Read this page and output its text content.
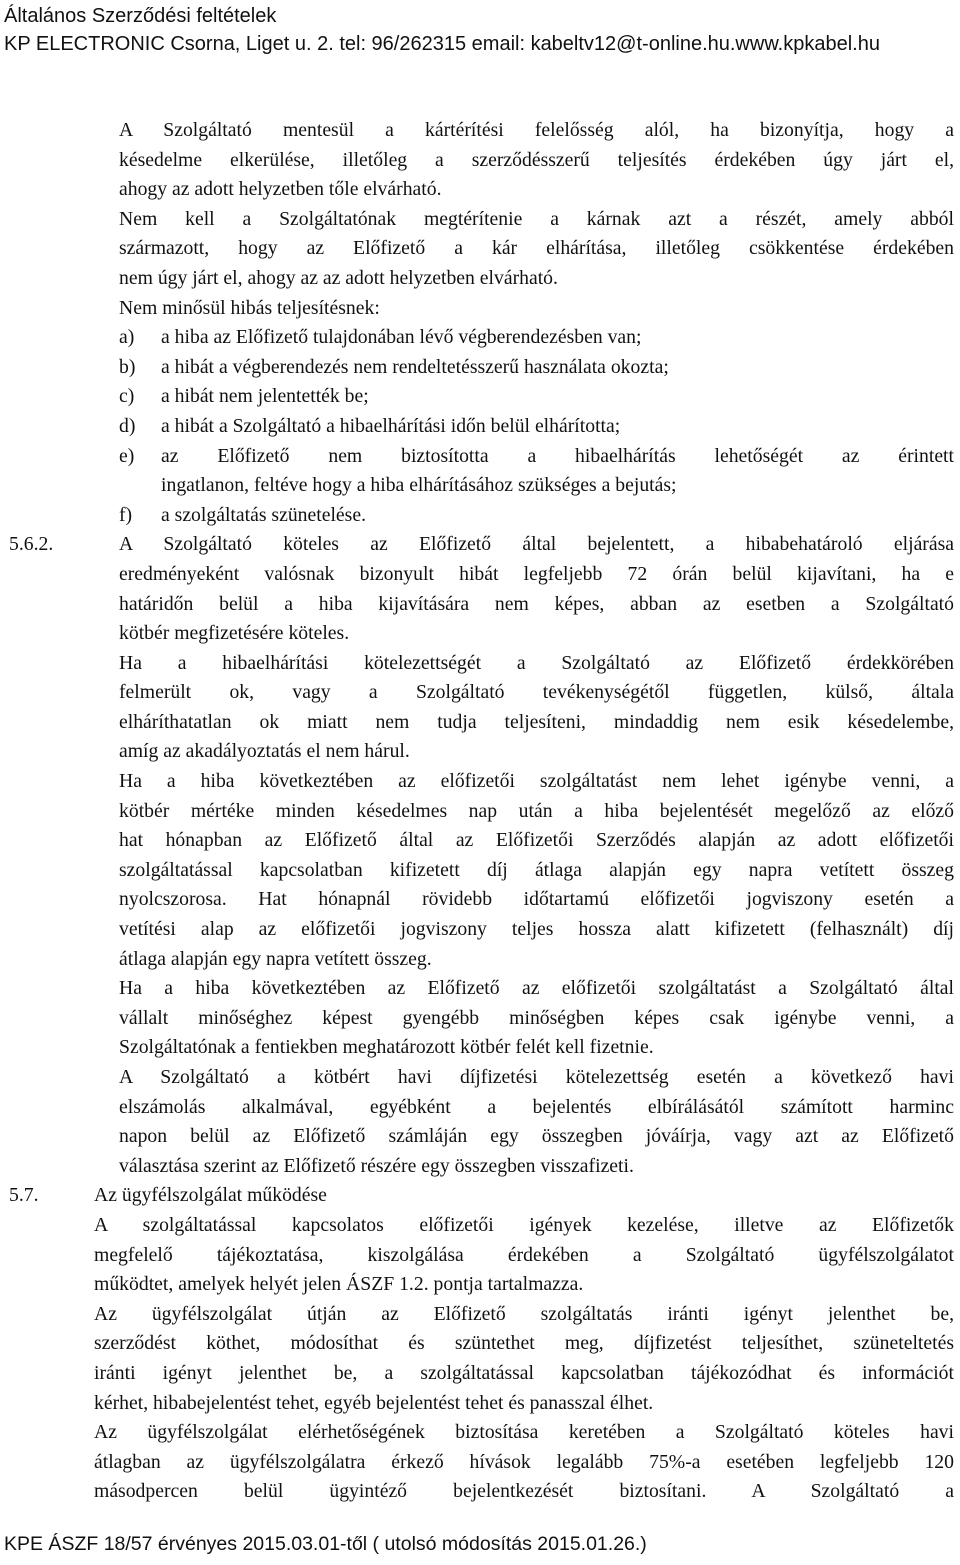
Általános Szerződési feltételek
KP ELECTRONIC Csorna, Liget u. 2. tel: 96/262315 email: kabeltv12@t-online.hu.www.kpkabel.hu
A Szolgáltató mentesül a kártérítési felelősség alól, ha bizonyítja, hogy a
késedelme elkerülése, illetőleg a szerződésszerű teljesítés érdekében úgy járt el,
ahogy az adott helyzetben tőle elvárható.
Nem kell a Szolgáltatónak megtérítenie a kárnak azt a részét, amely abból
származott, hogy az Előfizető a kár elhárítása, illetőleg csökkentése érdekében
nem úgy járt el, ahogy az az adott helyzetben elvárható.
Nem minősül hibás teljesítésnek:
a) a hiba az Előfizető tulajdonában lévő végberendezésben van;
b) a hibát a végberendezés nem rendeltetésszerű használata okozta;
c) a hibát nem jelentették be;
d) a hibát a Szolgáltató a hibaelhárítási időn belül elhárította;
e) az Előfizető nem biztosította a hibaelhárítás lehetőségét az érintett
ingatlanon, feltéve hogy a hiba elhárításához szükséges a bejutás;
f) a szolgáltatás szünetelése.
5.6.2.	A Szolgáltató köteles az Előfizető által bejelentett, a hibabehatároló eljárása
eredményeként valósnak bizonyult hibát legfeljebb 72 órán belül kijavítani, ha e
határidőn belül a hiba kijavítására nem képes, abban az esetben a Szolgáltató
kötbér megfizetésére köteles.
Ha a hibaelhárítási kötelezettségét a Szolgáltató az Előfizető érdekkörében
felmerült ok, vagy a Szolgáltató tevékenységétől független, külső, általa
elháríthatatlan ok miatt nem tudja teljesíteni, mindaddig nem esik késedelembe,
amíg az akadályoztatás el nem hárul.
Ha a hiba következtében az előfizetői szolgáltatást nem lehet igénybe venni, a
kötbér mértéke minden késedelmes nap után a hiba bejelentését megelőző az előző
hat hónapban az Előfizető által az Előfizetői Szerződés alapján az adott előfizetői
szolgáltatással kapcsolatban kifizetett díj átlaga alapján egy napra vetített összeg
nyolcszorosa. Hat hónapnál rövidebb időtartamú előfizetői jogviszony esetén a
vetítési alap az előfizetői jogviszony teljes hossza alatt kifizetett (felhasznált) díj
átlaga alapján egy napra vetített összeg.
Ha a hiba következtében az Előfizető az előfizetői szolgáltatást a Szolgáltató által
vállalt minőséghez képest gyengébb minőségben képes csak igénybe venni, a
Szolgáltatónak a fentiekben meghatározott kötbér felét kell fizetnie.
A Szolgáltató a kötbért havi díjfizetési kötelezettség esetén a következő havi
elszámolás alkalmával, egyébként a bejelentés elbírálásától számított harminc
napon belül az Előfizető számláján egy összegben jóváírja, vagy azt az Előfizető
választása szerint az Előfizető részére egy összegben visszafizeti.
5.7.	Az ügyfélszolgálat működése
A szolgáltatással kapcsolatos előfizetői igények kezelése, illetve az Előfizetők
megfelelő tájékoztatása, kiszolgálása érdekében a Szolgáltató ügyfélszolgálatot
működtet, amelyek helyét jelen ÁSZF 1.2. pontja tartalmazza.
Az ügyfélszolgálat útján az Előfizető szolgáltatás iránti igényt jelenthet be,
szerződést köthet, módosíthat és szüntethet meg, díjfizetést teljesíthet, szüneteltetés
iránti igényt jelenthet be, a szolgáltatással kapcsolatban tájékozódhat és információt
kérhet, hibabejelentést tehet, egyéb bejelentést tehet és panasszal élhet.
Az ügyfélszolgálat elérhetőségének biztosítása keretében a Szolgáltató köteles havi
átlagban az ügyfélszolgálatra érkező hívások legalább 75%-a esetében legfeljebb 120
másodpercen belül ügyintéző bejelentkezését biztosítani. A Szolgáltató a
KPE ÁSZF 18/57 érvényes 2015.03.01-től ( utolsó módosítás 2015.01.26.)
